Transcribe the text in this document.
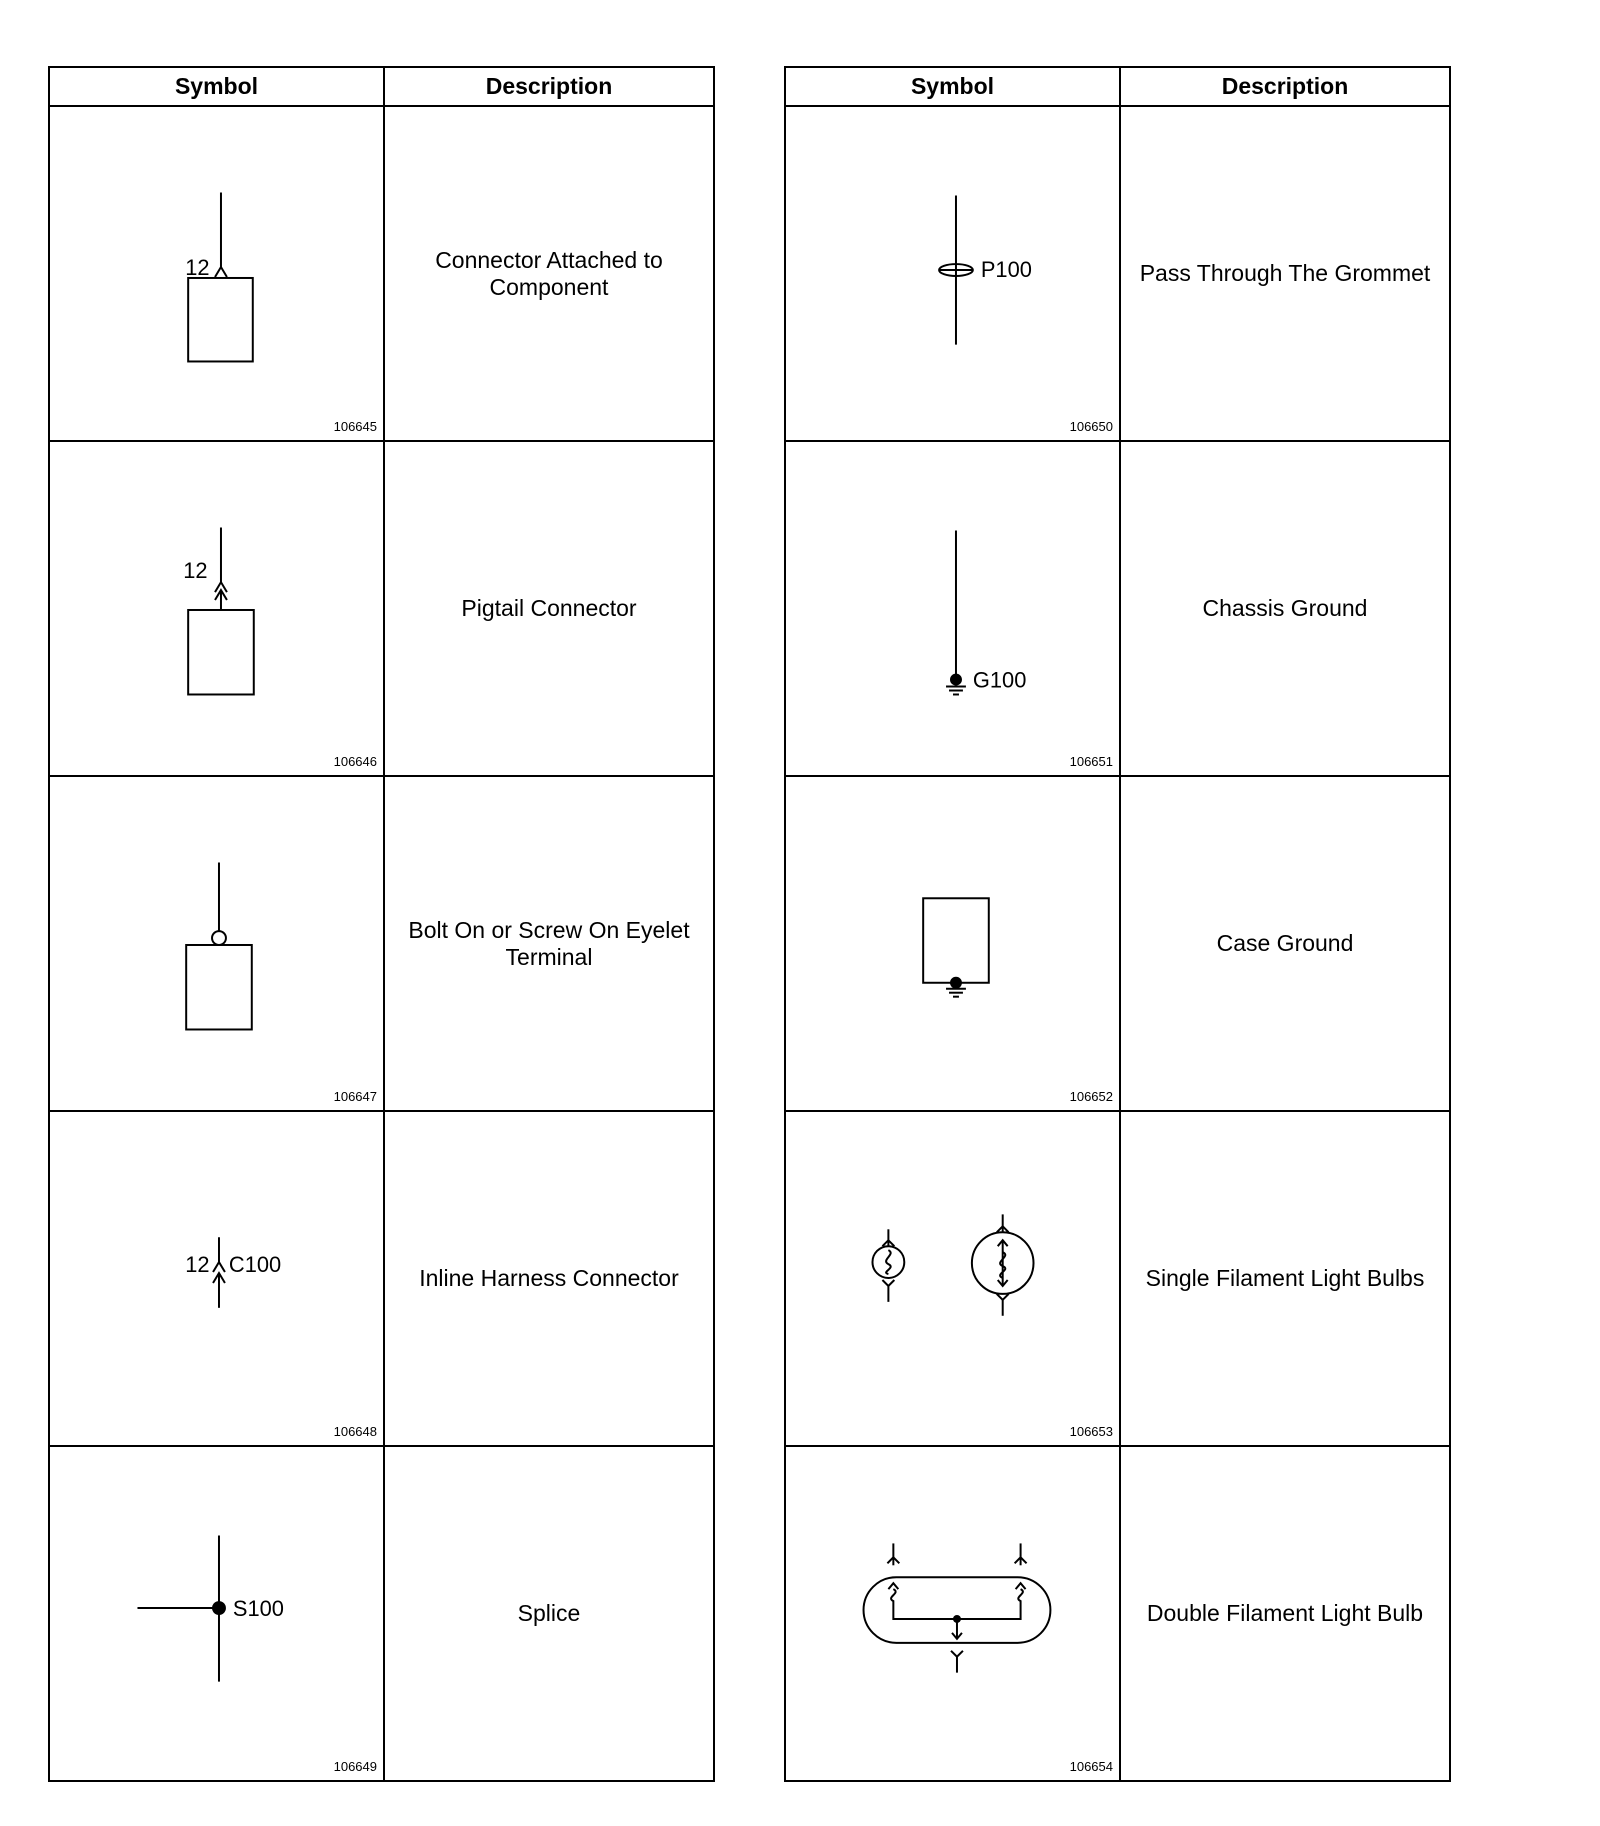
Symbol	Description

12
106645	Connector Attached to Component

12
106646	Pigtail Connector

106647	Bolt On or Screw On Eyelet Terminal

12 C100
106648	Inline Harness Connector

S100
106649	Splice
Symbol	Description

P100
106650	Pass Through The Grommet

G100
106651	Chassis Ground

106652	Case Ground

106653	Single Filament Light Bulbs

106654	Double Filament Light Bulb
